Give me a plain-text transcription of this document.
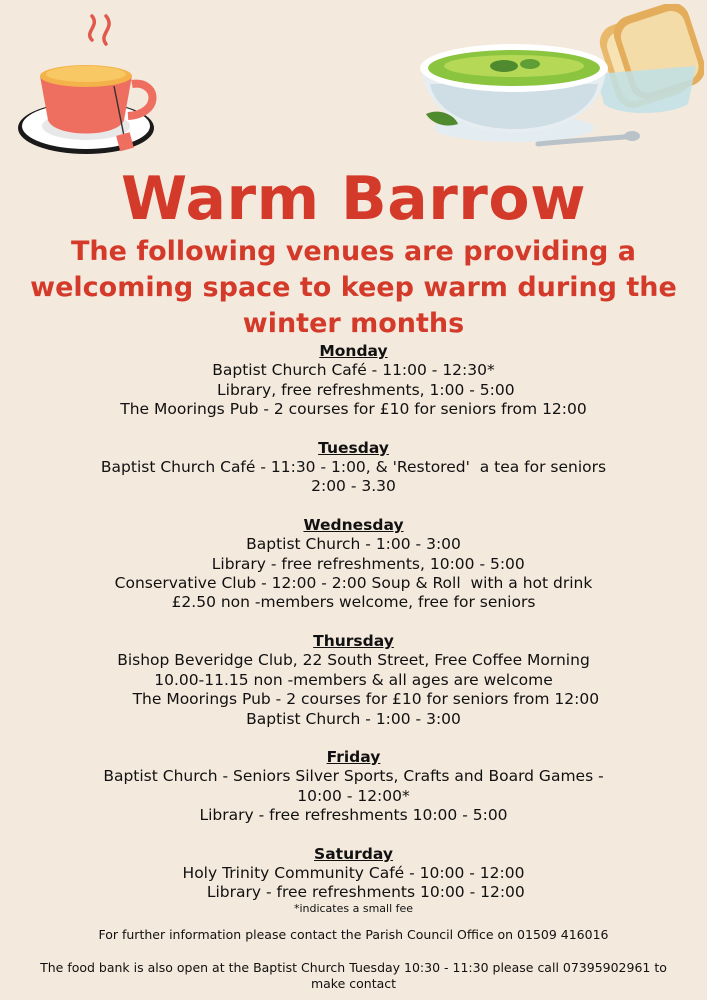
Warm Barrow
The following venues are providing a welcoming space to keep warm during the winter months
Monday
Baptist Church Café - 11:00 - 12:30*
Library, free refreshments, 1:00 - 5:00
The Moorings Pub - 2 courses for £10 for seniors from 12:00
Tuesday
Baptist Church Café - 11:30 - 1:00, & 'Restored'  a tea for seniors
2:00 - 3.30
Wednesday
Baptist Church - 1:00 - 3:00
Library - free refreshments, 10:00 - 5:00
Conservative Club - 12:00 - 2:00 Soup & Roll  with a hot drink
£2.50 non -members welcome, free for seniors
Thursday
Bishop Beveridge Club, 22 South Street, Free Coffee Morning
10.00-11.15 non -members & all ages are welcome
The Moorings Pub - 2 courses for £10 for seniors from 12:00
Baptist Church - 1:00 - 3:00
Friday
Baptist Church - Seniors Silver Sports, Crafts and Board Games -
10:00 - 12:00*
Library - free refreshments 10:00 - 5:00
Saturday
Holy Trinity Community Café - 10:00 - 12:00
Library - free refreshments 10:00 - 12:00
*indicates a small fee
For further information please contact the Parish Council Office on 01509 416016
The food bank is also open at the Baptist Church Tuesday 10:30 - 11:30 please call 07395902961 to make contact
